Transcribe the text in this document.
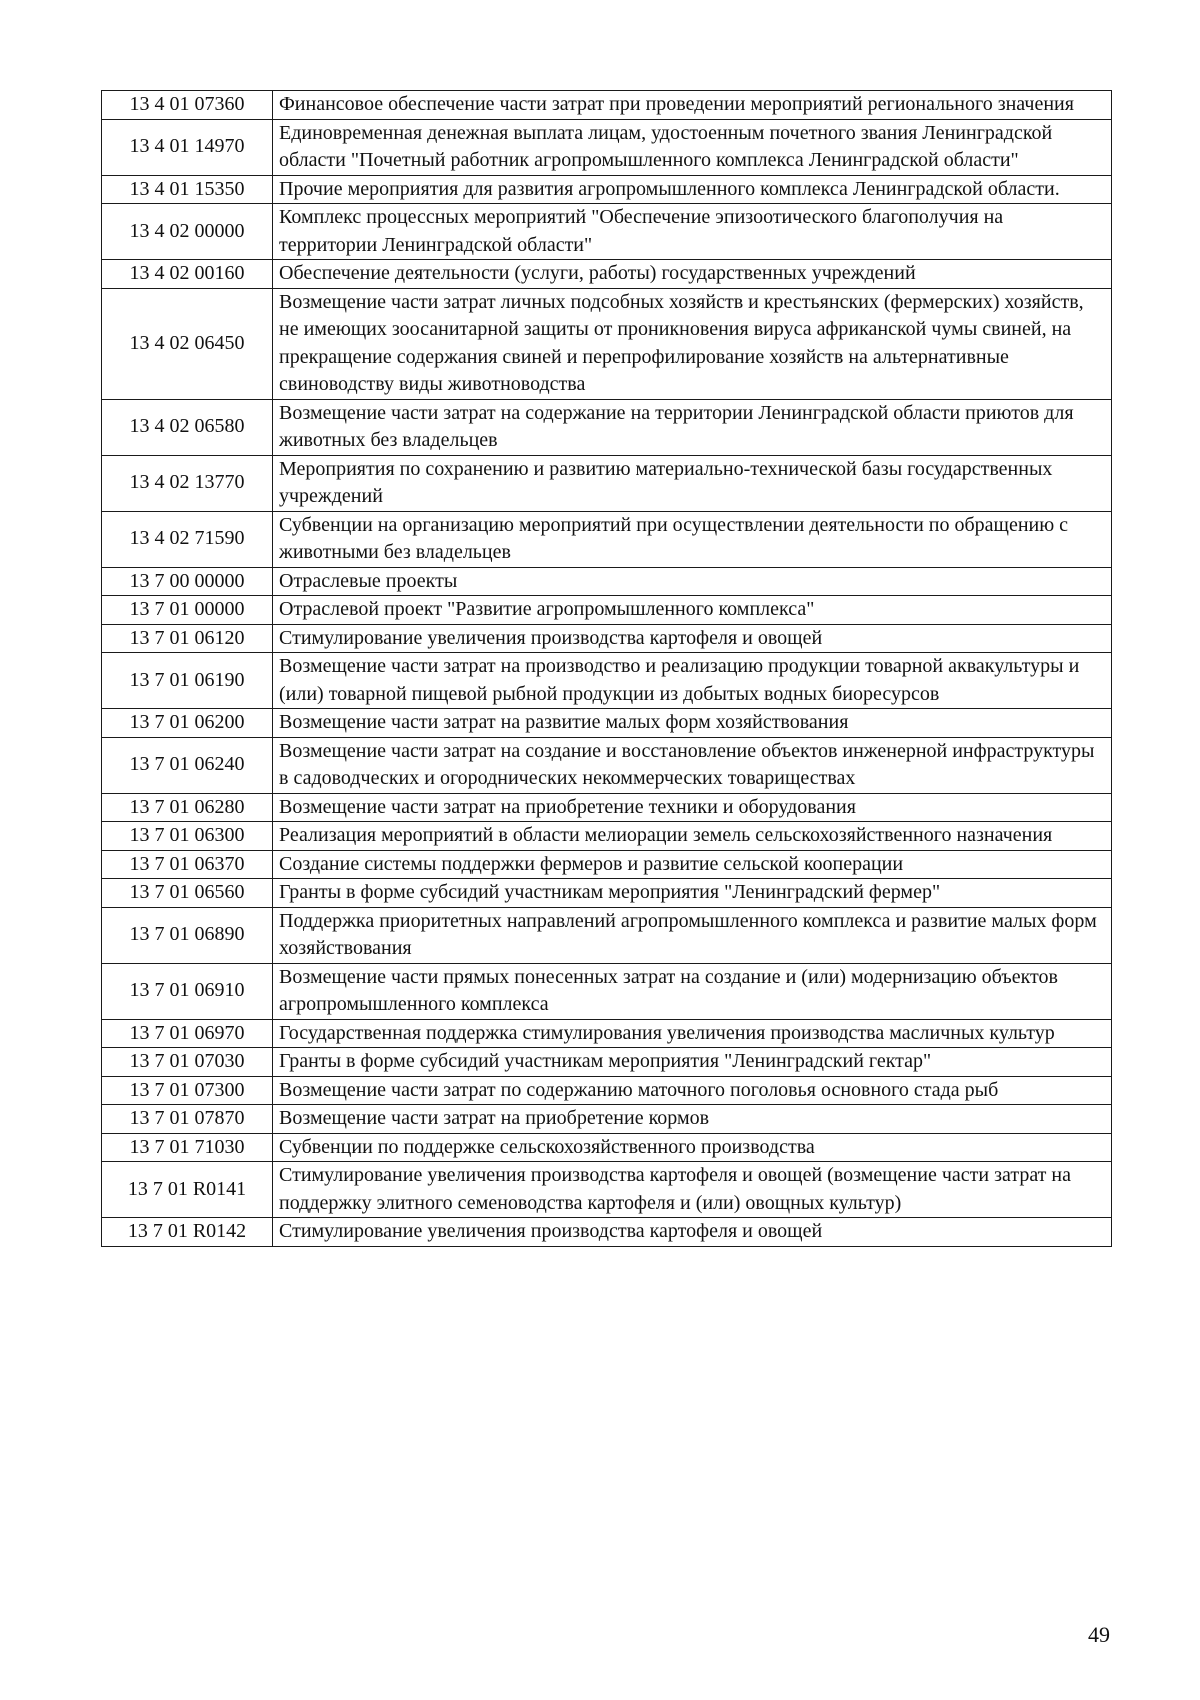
13 4 01 07360	Финансовое обеспечение части затрат при проведении мероприятий регионального значения
13 4 01 14970	Единовременная денежная выплата лицам, удостоенным почетного звания Ленинградской области "Почетный работник агропромышленного комплекса Ленинградской области"
13 4 01 15350	Прочие мероприятия для развития агропромышленного комплекса Ленинградской области.
13 4 02 00000	Комплекс процессных мероприятий "Обеспечение эпизоотического благополучия на территории Ленинградской области"
13 4 02 00160	Обеспечение деятельности (услуги, работы) государственных учреждений
13 4 02 06450	Возмещение части затрат личных подсобных хозяйств и крестьянских (фермерских) хозяйств, не имеющих зоосанитарной защиты от проникновения вируса африканской чумы свиней, на прекращение содержания свиней и перепрофилирование хозяйств на альтернативные свиноводству виды животноводства
13 4 02 06580	Возмещение части затрат на содержание на территории Ленинградской области приютов для животных без владельцев
13 4 02 13770	Мероприятия по сохранению и развитию материально-технической базы государственных учреждений
13 4 02 71590	Субвенции на организацию мероприятий при осуществлении деятельности по обращению с животными без владельцев
13 7 00 00000	Отраслевые проекты
13 7 01 00000	Отраслевой проект "Развитие агропромышленного комплекса"
13 7 01 06120	Стимулирование увеличения производства картофеля и овощей
13 7 01 06190	Возмещение части затрат на производство и реализацию продукции товарной аквакультуры и (или) товарной пищевой рыбной продукции из добытых водных биоресурсов
13 7 01 06200	Возмещение части затрат на развитие малых форм хозяйствования
13 7 01 06240	Возмещение части затрат на создание и восстановление объектов инженерной инфраструктуры в садоводческих и огороднических некоммерческих товариществах
13 7 01 06280	Возмещение части затрат на приобретение техники и оборудования
13 7 01 06300	Реализация мероприятий в области мелиорации земель сельскохозяйственного назначения
13 7 01 06370	Создание системы поддержки фермеров и развитие сельской кооперации
13 7 01 06560	Гранты в форме субсидий участникам мероприятия "Ленинградский фермер"
13 7 01 06890	Поддержка приоритетных направлений агропромышленного комплекса и развитие малых форм хозяйствования
13 7 01 06910	Возмещение части прямых понесенных затрат на создание и (или) модернизацию объектов агропромышленного комплекса
13 7 01 06970	Государственная поддержка стимулирования увеличения производства масличных культур
13 7 01 07030	Гранты в форме субсидий участникам мероприятия "Ленинградский гектар"
13 7 01 07300	Возмещение части затрат по содержанию маточного поголовья основного стада рыб
13 7 01 07870	Возмещение части затрат на приобретение кормов
13 7 01 71030	Субвенции по поддержке сельскохозяйственного производства
13 7 01 R0141	Стимулирование увеличения производства картофеля и овощей (возмещение части затрат на поддержку элитного семеноводства картофеля и (или) овощных культур)
13 7 01 R0142	Стимулирование увеличения производства картофеля и овощей
49
